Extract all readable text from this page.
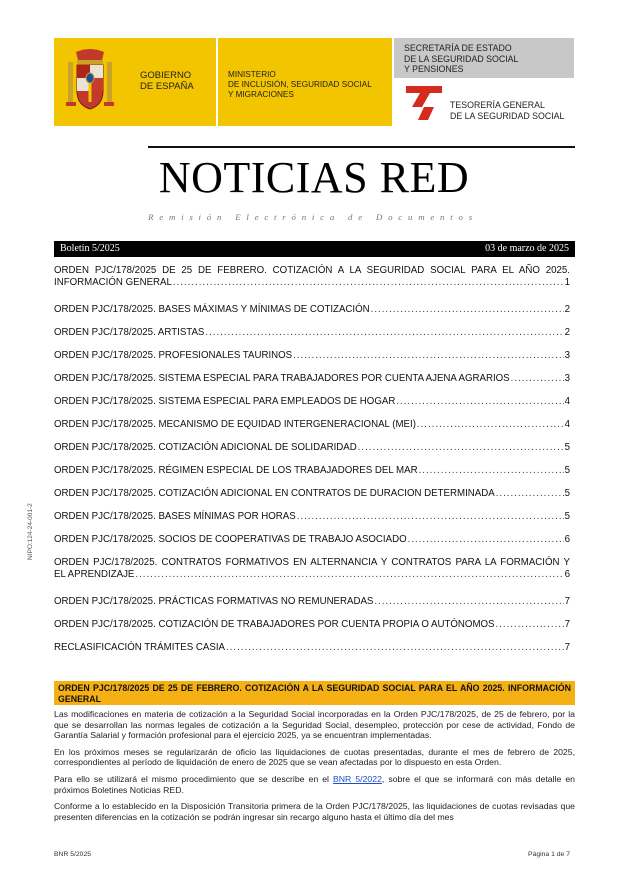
GOBIERNO
DE ESPAÑA
MINISTERIO
DE INCLUSIÓN, SEGURIDAD SOCIAL
Y MIGRACIONES
SECRETARÍA DE ESTADO
DE LA SEGURIDAD SOCIAL
Y PENSIONES
TESORERÍA GENERAL
DE LA SEGURIDAD SOCIAL
NOTICIAS RED
Remisión Electrónica de Documentos
Boletín 5/2025	03 de marzo de 2025
ORDEN PJC/178/2025 DE 25 DE FEBRERO. COTIZACIÓN A LA SEGURIDAD SOCIAL PARA EL AÑO 2025.
INFORMACIÓN GENERAL .....	1
ORDEN PJC/178/2025. BASES MÁXIMAS Y MÍNIMAS DE COTIZACIÓN .....	2
ORDEN PJC/178/2025. ARTISTAS .....	2
ORDEN PJC/178/2025. PROFESIONALES TAURINOS .....	3
ORDEN PJC/178/2025. SISTEMA ESPECIAL PARA TRABAJADORES POR CUENTA AJENA AGRARIOS .....	3
ORDEN PJC/178/2025. SISTEMA ESPECIAL PARA EMPLEADOS DE HOGAR .....	4
ORDEN PJC/178/2025. MECANISMO DE EQUIDAD INTERGENERACIONAL (MEI) .....	4
ORDEN PJC/178/2025. COTIZACIÓN ADICIONAL DE SOLIDARIDAD .....	5
ORDEN PJC/178/2025. RÉGIMEN ESPECIAL DE LOS TRABAJADORES DEL MAR .....	5
ORDEN PJC/178/2025. COTIZACIÓN ADICIONAL EN CONTRATOS DE DURACION DETERMINADA .....	5
ORDEN PJC/178/2025. BASES MÍNIMAS POR HORAS .....	5
ORDEN PJC/178/2025. SOCIOS DE COOPERATIVAS DE TRABAJO ASOCIADO .....	6
ORDEN PJC/178/2025. CONTRATOS FORMATIVOS EN ALTERNANCIA Y CONTRATOS PARA LA FORMACIÓN Y
EL APRENDIZAJE .....	6
ORDEN PJC/178/2025. PRÁCTICAS FORMATIVAS NO REMUNERADAS .....	7
ORDEN PJC/178/2025. COTIZACIÓN DE TRABAJADORES POR CUENTA PROPIA O AUTÓNOMOS .....	7
RECLASIFICACIÓN TRÁMITES CASIA .....	7
ORDEN PJC/178/2025 DE 25 DE FEBRERO. COTIZACIÓN A LA SEGURIDAD SOCIAL PARA EL AÑO 2025. INFORMACIÓN GENERAL

Las modificaciones en materia de cotización a la Seguridad Social incorporadas en la Orden PJC/178/2025, de 25 de febrero, por la que se desarrollan las normas legales de cotización a la Seguridad Social, desempleo, protección por cese de actividad, Fondo de Garantía Salarial y formación profesional para el ejercicio 2025, ya se encuentran implementadas.

En los próximos meses se regularizarán de oficio las liquidaciones de cuotas presentadas, durante el mes de febrero de 2025, correspondientes al período de liquidación de enero de 2025 que se vean afectadas por lo dispuesto en esta Orden.

Para ello se utilizará el mismo procedimiento que se describe en el BNR 5/2022, sobre el que se informará con más detalle en próximos Boletines Noticias RED.

Conforme a lo establecido en la Disposición Transitoria primera de la Orden PJC/178/2025, las liquidaciones de cuotas revisadas que presenten diferencias en la cotización se podrán ingresar sin recargo alguno hasta el último día del mes

NIPO:124-24-001-2
BNR 5/2025	Página 1 de 7
